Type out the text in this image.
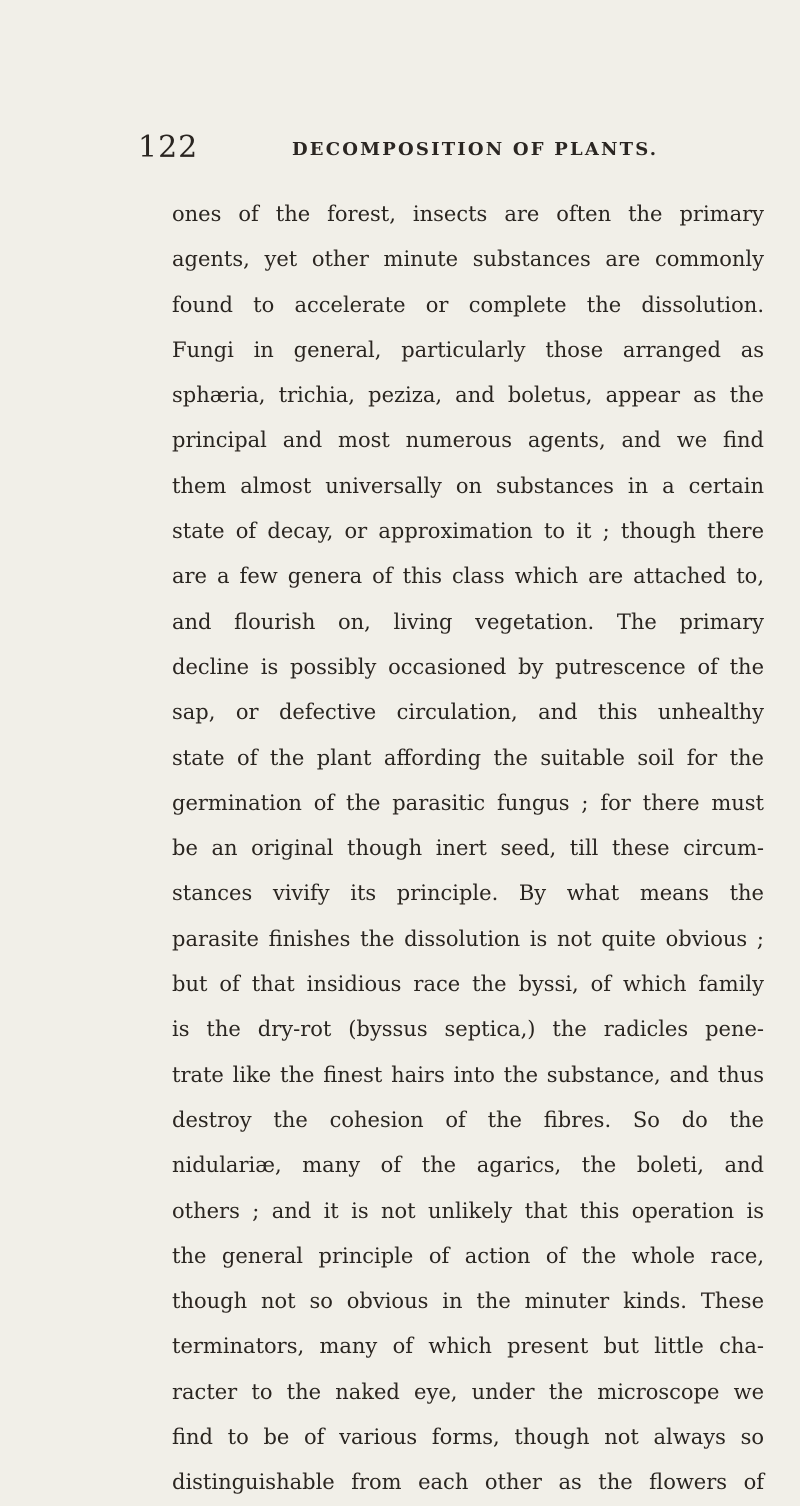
122	DECOMPOSITION OF PLANTS.
ones of the forest, insects are often the primary
agents, yet other minute substances are commonly
found to accelerate or complete the dissolution.
Fungi in general, particularly those arranged as
sphæria, trichia, peziza, and boletus, appear as the
principal and most numerous agents, and we find
them almost universally on substances in a certain
state of decay, or approximation to it ; though there
are a few genera of this class which are attached to,
and flourish on, living vegetation. The primary
decline is possibly occasioned by putrescence of the
sap, or defective circulation, and this unhealthy
state of the plant affording the suitable soil for the
germination of the parasitic fungus ; for there must
be an original though inert seed, till these circum-
stances vivify its principle. By what means the
parasite finishes the dissolution is not quite obvious ;
but of that insidious race the byssi, of which family
is the dry-rot (byssus septica,) the radicles pene-
trate like the finest hairs into the substance, and thus
destroy the cohesion of the fibres. So do the
nidulariæ, many of the agarics, the boleti, and
others ; and it is not unlikely that this operation is
the general principle of action of the whole race,
though not so obvious in the minuter kinds. These
terminators, many of which present but little cha-
racter to the naked eye, under the microscope we
find to be of various forms, though not always so
distinguishable from each other as the flowers of
